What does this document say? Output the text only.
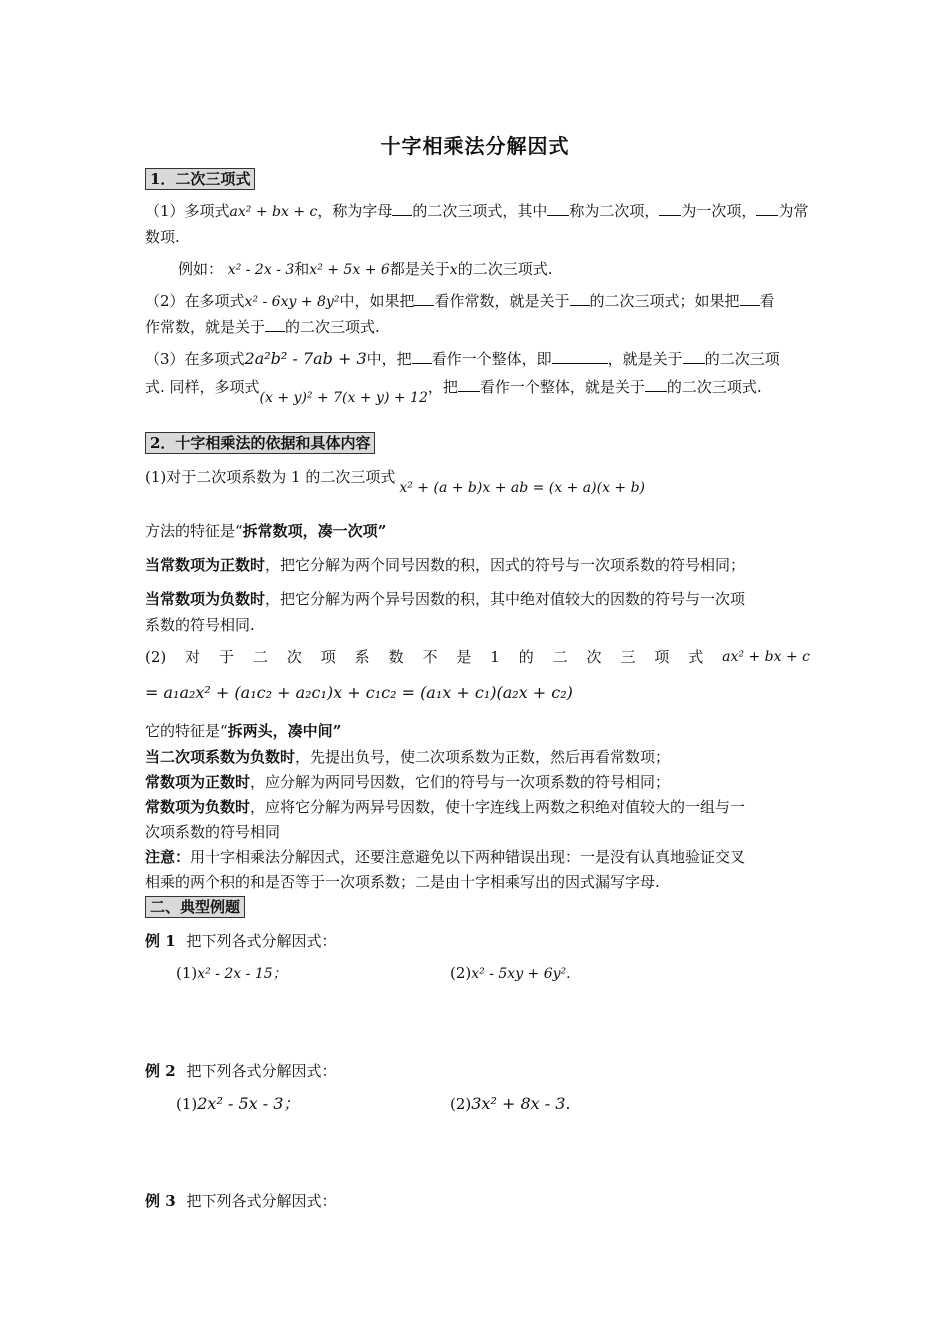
十字相乘法分解因式
1．二次三项式
（1）多项式ax² + bx + c，称为字母 的二次三项式，其中 称为二次项， 为一次项， 为常
数项.
例如： x² - 2x - 3和x² + 5x + 6都是关于x的二次三项式.
（2）在多项式x² - 6xy + 8y²中，如果把 看作常数，就是关于 的二次三项式；如果把 看
作常数，就是关于 的二次三项式.
（3）在多项式2a²b² - 7ab + 3中，把 看作一个整体，即	，就是关于 的二次三项
式. 同样，多项式(x + y)² + 7(x + y) + 12，把 看作一个整体，就是关于 的二次三项式.
2．十字相乘法的依据和具体内容
(1)对于二次项系数为 1 的二次三项式x² + (a + b)x + ab = (x + a)(x + b)
方法的特征是“拆常数项，凑一次项”
当常数项为正数时，把它分解为两个同号因数的积，因式的符号与一次项系数的符号相同；
当常数项为负数时，把它分解为两个异号因数的积，其中绝对值较大的因数的符号与一次项
系数的符号相同.
(2) 对 于 二 次 项 系 数 不 是 1 的 二 次 三 项 式 ax² + bx + c
= a₁a₂x² + (a₁c₂ + a₂c₁)x + c₁c₂ = (a₁x + c₁)(a₂x + c₂)
它的特征是“拆两头，凑中间”
当二次项系数为负数时，先提出负号，使二次项系数为正数，然后再看常数项；
常数项为正数时，应分解为两同号因数，它们的符号与一次项系数的符号相同；
常数项为负数时，应将它分解为两异号因数，使十字连线上两数之积绝对值较大的一组与一
次项系数的符号相同
注意：用十字相乘法分解因式，还要注意避免以下两种错误出现：一是没有认真地验证交叉
相乘的两个积的和是否等于一次项系数；二是由十字相乘写出的因式漏写字母.
二、典型例题
例 1 把下列各式分解因式：
(1)x² - 2x - 15；	(2)x² - 5xy + 6y².
例 2 把下列各式分解因式：
(1)2x² - 5x - 3；	(2)3x² + 8x - 3.
例 3 把下列各式分解因式：
